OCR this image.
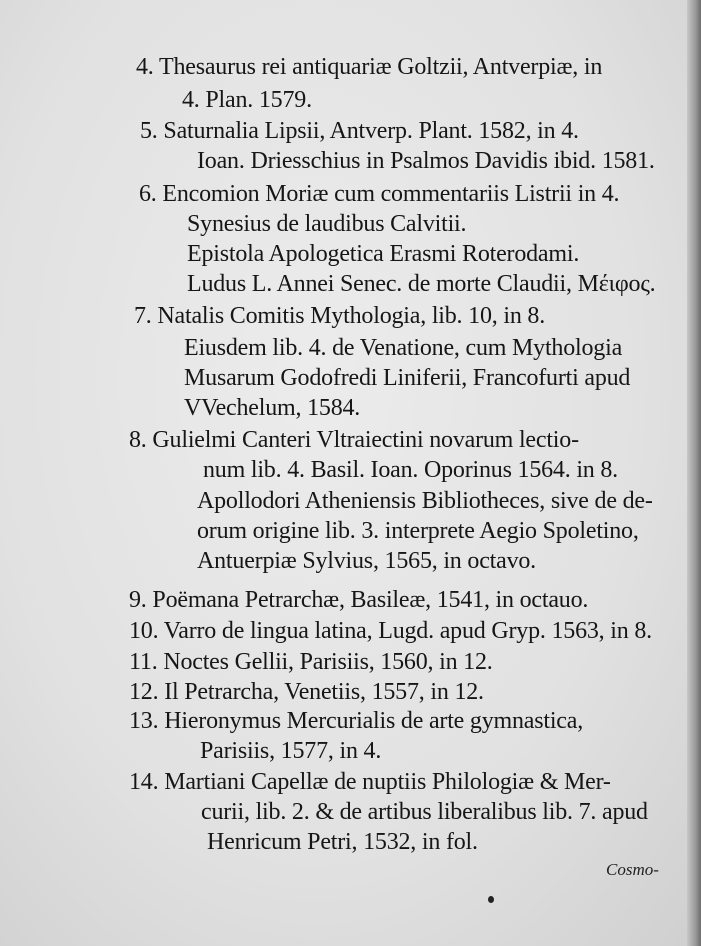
4. Thesaurus rei antiquariæ Goltzii, Antverpiæ, in
4. Plan. 1579.
5. Saturnalia Lipsii, Antverp. Plant. 1582, in 4.
Ioan. Driesschius in Psalmos Davidis ibid. 1581.
6. Encomion Moriæ cum commentariis Listrii in 4.
Synesius de laudibus Calvitii.
Epistola Apologetica Erasmi Roterodami.
Ludus L. Annei Senec. de morte Claudii, Μέιφος.
7. Natalis Comitis Mythologia, lib. 10, in 8.
Eiusdem lib. 4. de Venatione, cum Mythologia
Musarum Godofredi Liniferii, Francofurti apud
VVechelum, 1584.
8. Gulielmi Canteri Vltraiectini novarum lectio-
num lib. 4. Basil. Ioan. Oporinus 1564. in 8.
Apollodori Atheniensis Bibliotheces, sive de de-
orum origine lib. 3. interprete Aegio Spoletino,
Antuerpiæ Sylvius, 1565, in octavo.
9. Poëmana Petrarchæ, Basileæ, 1541, in octauo.
10. Varro de lingua latina, Lugd. apud Gryp. 1563, in 8.
11. Noctes Gellii, Parisiis, 1560, in 12.
12. Il Petrarcha, Venetiis, 1557, in 12.
13. Hieronymus Mercurialis de arte gymnastica,
Parisiis, 1577, in 4.
14. Martiani Capellæ de nuptiis Philologiæ & Mer-
curii, lib. 2. & de artibus liberalibus lib. 7. apud
Henricum Petri, 1532, in fol.
Cosmo-
